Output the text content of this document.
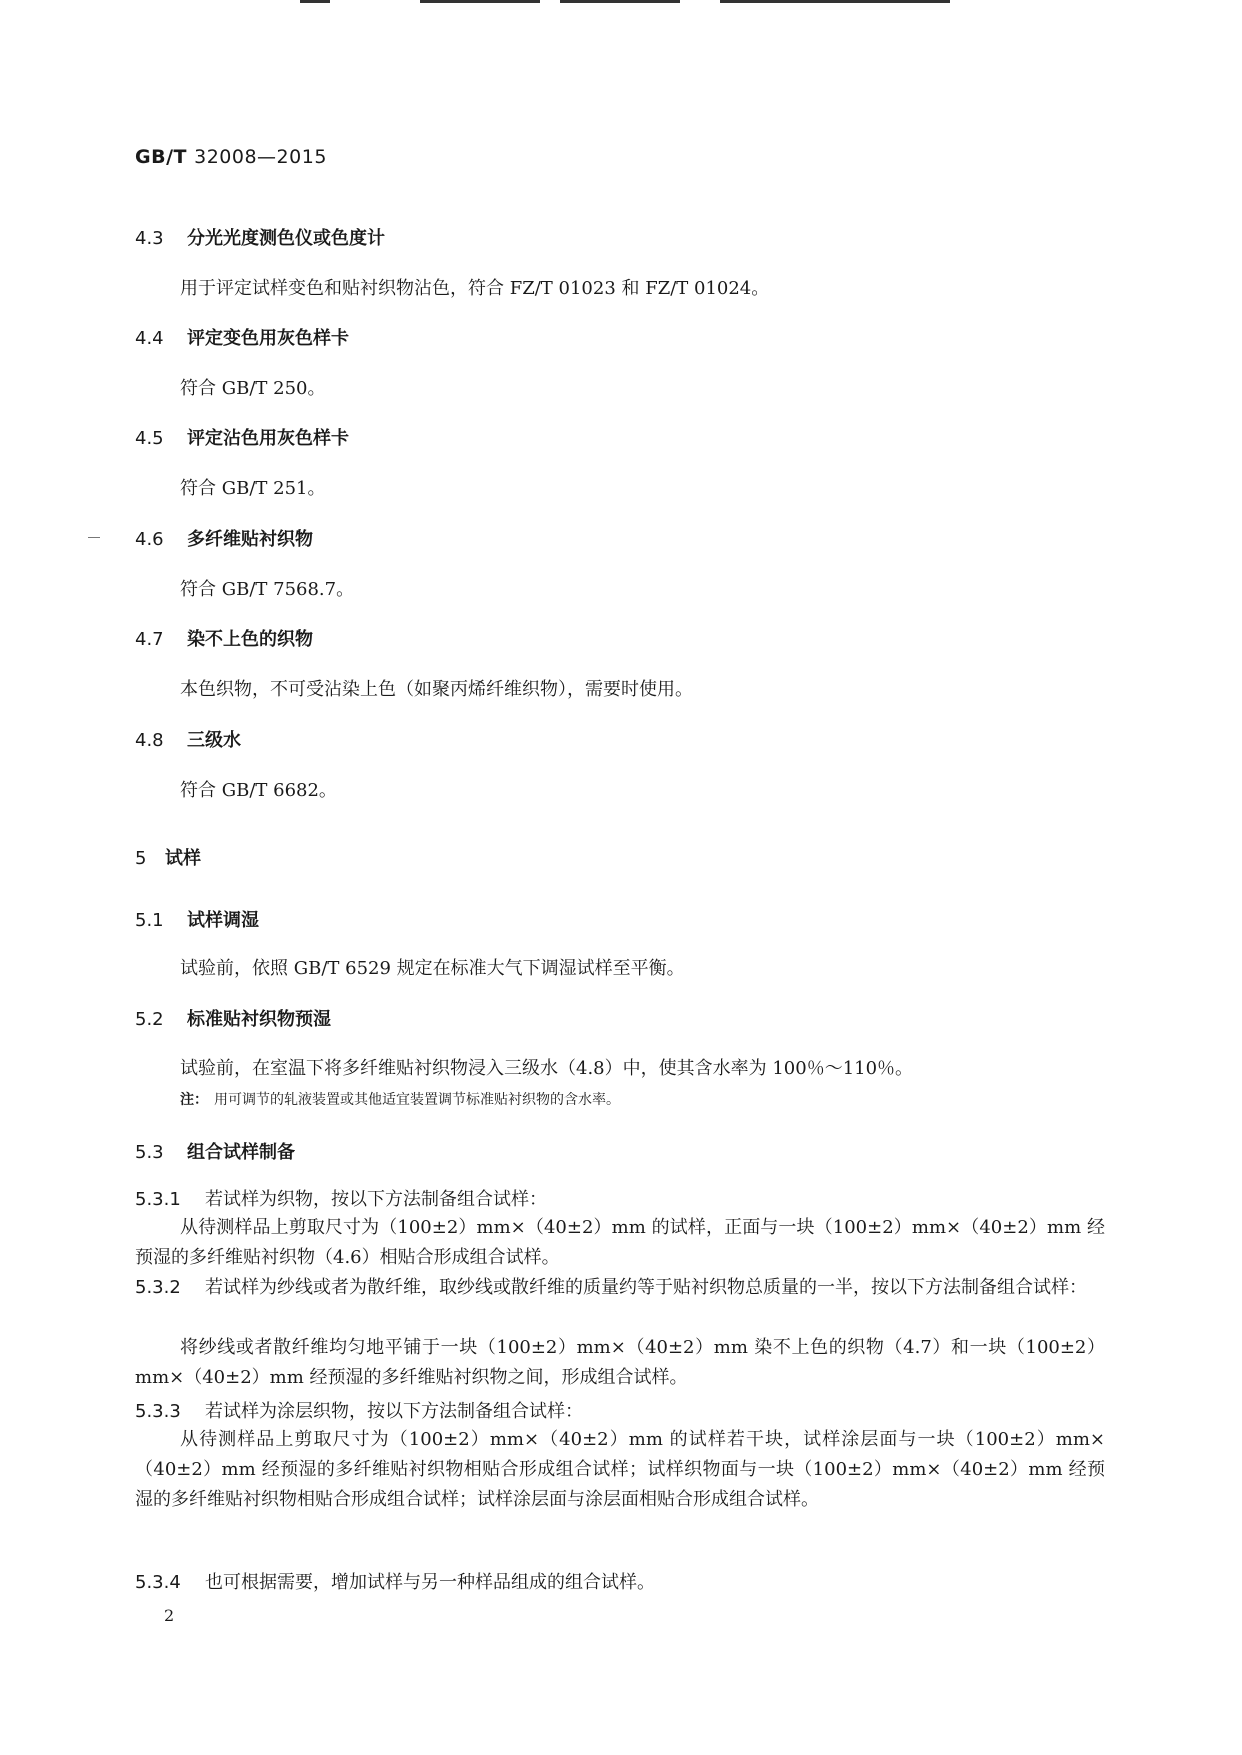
GB/T 32008—2015
4.3 分光光度测色仪或色度计
用于评定试样变色和贴衬织物沾色，符合 FZ/T 01023 和 FZ/T 01024。
4.4 评定变色用灰色样卡
符合 GB/T 250。
4.5 评定沾色用灰色样卡
符合 GB/T 251。
4.6 多纤维贴衬织物
符合 GB/T 7568.7。
4.7 染不上色的织物
本色织物，不可受沾染上色（如聚丙烯纤维织物），需要时使用。
4.8 三级水
符合 GB/T 6682。
5 试样
5.1 试样调湿
试验前，依照 GB/T 6529 规定在标准大气下调湿试样至平衡。
5.2 标准贴衬织物预湿
试验前，在室温下将多纤维贴衬织物浸入三级水（4.8）中，使其含水率为 100％～110％。
注： 用可调节的轧液装置或其他适宜装置调节标准贴衬织物的含水率。
5.3 组合试样制备
5.3.1 若试样为织物，按以下方法制备组合试样：
从待测样品上剪取尺寸为（100±2）mm×（40±2）mm 的试样，正面与一块（100±2）mm×（40±2）mm 经预湿的多纤维贴衬织物（4.6）相贴合形成组合试样。
5.3.2 若试样为纱线或者为散纤维，取纱线或散纤维的质量约等于贴衬织物总质量的一半，按以下方法制备组合试样：
将纱线或者散纤维均匀地平铺于一块（100±2）mm×（40±2）mm 染不上色的织物（4.7）和一块（100±2）mm×（40±2）mm 经预湿的多纤维贴衬织物之间，形成组合试样。
5.3.3 若试样为涂层织物，按以下方法制备组合试样：
从待测样品上剪取尺寸为（100±2）mm×（40±2）mm 的试样若干块，试样涂层面与一块（100±2）mm×（40±2）mm 经预湿的多纤维贴衬织物相贴合形成组合试样；试样织物面与一块（100±2）mm×（40±2）mm 经预湿的多纤维贴衬织物相贴合形成组合试样；试样涂层面与涂层面相贴合形成组合试样。
5.3.4 也可根据需要，增加试样与另一种样品组成的组合试样。
2
